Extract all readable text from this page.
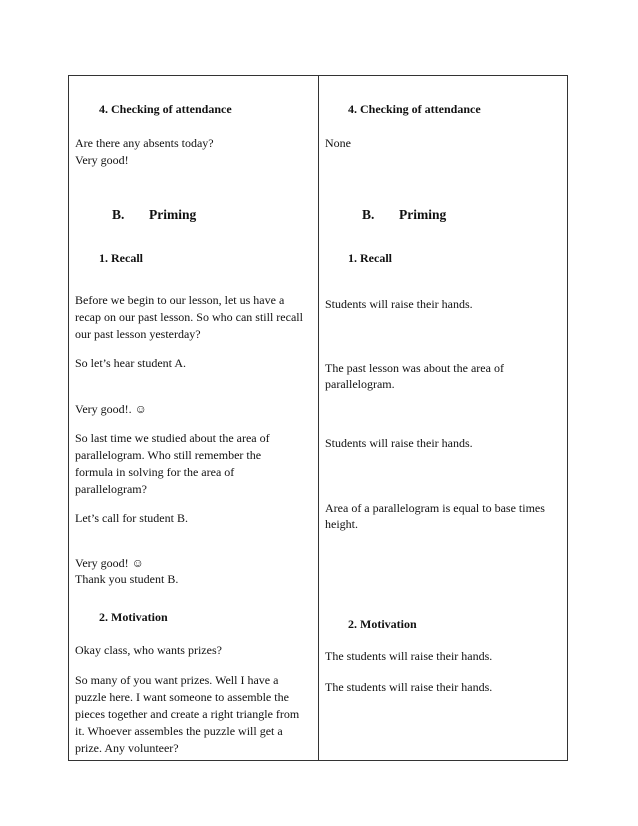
4. Checking of attendance
Are there any absents today?
Very good!
B. Priming
1. Recall
Before we begin to our lesson, let us have a
recap on our past lesson. So who can still recall
our past lesson yesterday?
So let’s hear student A.
Very good!. ☺
So last time we studied about the area of
parallelogram. Who still remember the
formula in solving for the area of
parallelogram?
Let’s call for student B.
Very good! ☺
Thank you student B.
2. Motivation
Okay class, who wants prizes?
So many of you want prizes. Well I have a
puzzle here. I want someone to assemble the
pieces together and create a right triangle from
it. Whoever assembles the puzzle will get a
prize. Any volunteer?
4. Checking of attendance
None
B. Priming
1. Recall
Students will raise their hands.
The past lesson was about the area of
parallelogram.
Students will raise their hands.
Area of a parallelogram is equal to base times
height.
2. Motivation
The students will raise their hands.
The students will raise their hands.
